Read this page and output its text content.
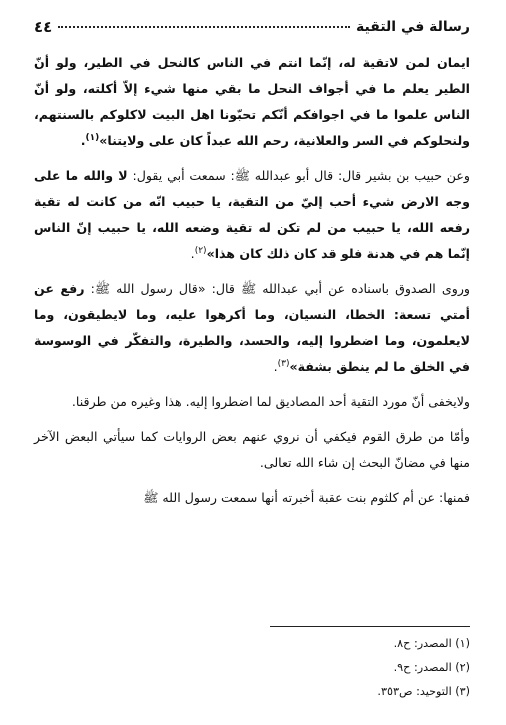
رسالة في التقية
٤٤

ايمان لمن لاتقية له، إنّما انتم في الناس كالنحل في الطير، ولو أنّ الطير يعلم ما في أجواف النحل ما بقي منها شيء إلاّ أكلته، ولو أنّ الناس علموا ما في اجوافكم أنّكم تحبّونا اهل البيت لاكلوكم بالسنتهم، ولنحلوكم في السر والعلانية، رحم الله عبداً كان على ولايتنا»$^{(١)}$.

وعن حبيب بن بشير قال: قال أبو عبدالله ﷺ: سمعت أبي يقول: لا والله ما على وجه الارض شيء أحب إليّ من التقية، يا حبيب انّه من كانت له تقية رفعه الله، يا حبيب من لم تكن له تقية وضعه الله، يا حبيب إنّ الناس إنّما هم في هدنة فلو قد كان ذلك كان هذا»$^{(٢)}$.

وروى الصدوق باسناده عن أبي عبدالله ﷺ قال: «قال رسول الله ﷺ: رفع عن أمتي تسعة: الخطا، النسيان، وما أكرهوا عليه، وما لايطيقون، وما لايعلمون، وما اضطروا إليه، والحسد، والطيرة، والتفكّر في الوسوسة في الخلق ما لم ينطق بشفة»$^{(٣)}$.

ولايخفى أنّ مورد التقية أحد المصاديق لما اضطروا إليه. هذا وغيره من طرقنا.

وأمّا من طرق القوم فيكفي أن نروي عنهم بعض الروايات كما سيأتي البعض الآخر منها في مضانّ البحث إن شاء الله تعالى.

فمنها: عن أم كلثوم بنت عقبة أخبرته أنها سمعت رسول الله ﷺ

(١) المصدر: ح٨.
(٢) المصدر: ح٩.
(٣) التوحيد: ص٣٥٣.
